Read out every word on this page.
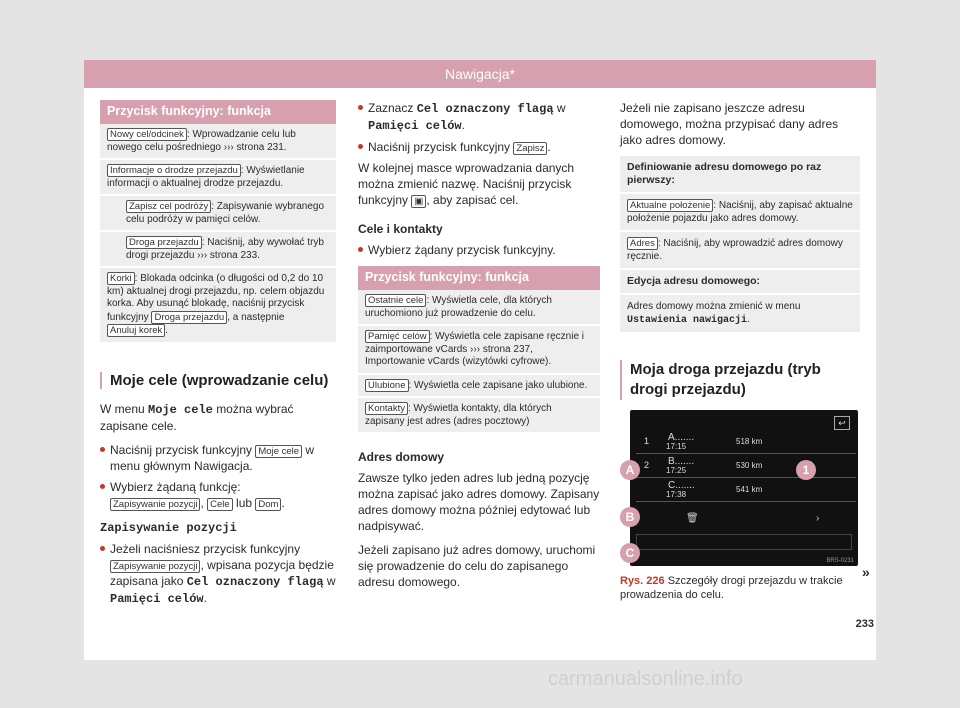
Nawigacja*
Przycisk funkcyjny: funkcja
Nowy cel/odcinek : Wprowadzanie celu lub nowego celu pośredniego ››› strona 231.
Informacje o drodze przejazdu : Wyświetlanie informacji o aktualnej drodze przejazdu.
Zapisz cel podróży : Zapisywanie wybranego celu podróży w pamięci celów.
Droga przejazdu : Naciśnij, aby wywołać tryb drogi przejazdu ››› strona 233.
Korki : Blokada odcinka (o długości od 0,2 do 10 km) aktualnej drogi przejazdu, np. celem objazdu korka. Aby usunąć blokadę, naciśnij przycisk funkcyjny Droga przejazdu , a następnie Anuluj korek .
Moje cele (wprowadzanie celu)

W menu Moje cele można wybrać zapisane cele.

Naciśnij przycisk funkcyjny Moje cele w menu głównym Nawigacja.
Wybierz żądaną funkcję:
Zapisywanie pozycji , Cele lub Dom .
Zapisywanie pozycji
Jeżeli naciśniesz przycisk funkcyjny Zapisywanie pozycji , wpisana pozycja będzie zapisana jako Cel oznaczony flagą w Pamięci celów.
Zaznacz Cel oznaczony flagą w Pamięci celów.
Naciśnij przycisk funkcyjny Zapisz .

W kolejnej masce wprowadzania danych można zmienić nazwę. Naciśnij przycisk funkcyjny ▣ , aby zapisać cel.

Cele i kontakty
Wybierz żądany przycisk funkcyjny.
Przycisk funkcyjny: funkcja
Ostatnie cele : Wyświetla cele, dla których uruchomiono już prowadzenie do celu.
Pamięć celów : Wyświetla cele zapisane ręcznie i zaimportowane vCards ››› strona 237, Importowanie vCards (wizytówki cyfrowe).
Ulubione : Wyświetla cele zapisane jako ulubione.
Kontakty : Wyświetla kontakty, dla których zapisany jest adres (adres pocztowy)
Adres domowy

Zawsze tylko jeden adres lub jedną pozycję można zapisać jako adres domowy. Zapisany adres domowy można później edytować lub nadpisywać.

Jeżeli zapisano już adres domowy, uruchomi się prowadzenie do celu do zapisanego adresu domowego.

Jeżeli nie zapisano jeszcze adresu domowego, można przypisać dany adres jako adres domowy.

Definiowanie adresu domowego po raz pierwszy:
Aktualne położenie : Naciśnij, aby zapisać aktualne położenie pojazdu jako adres domowy.
Adres : Naciśnij, aby wprowadzić adres domowy ręcznie.
Edycja adresu domowego:
Adres domowy można zmienić w menu Ustawienia nawigacji.
Moja droga przejazdu (tryb drogi przejazdu)
↩
A.......
17:15
518 km
1
B.......
17:25
530 km
2
C.......
17:38
541 km
🗑	›
BRS-0231
A
B
C
1
Rys. 226 Szczegóły drogi przejazdu w trakcie prowadzenia do celu.
»
233
carmanualsonline.info
